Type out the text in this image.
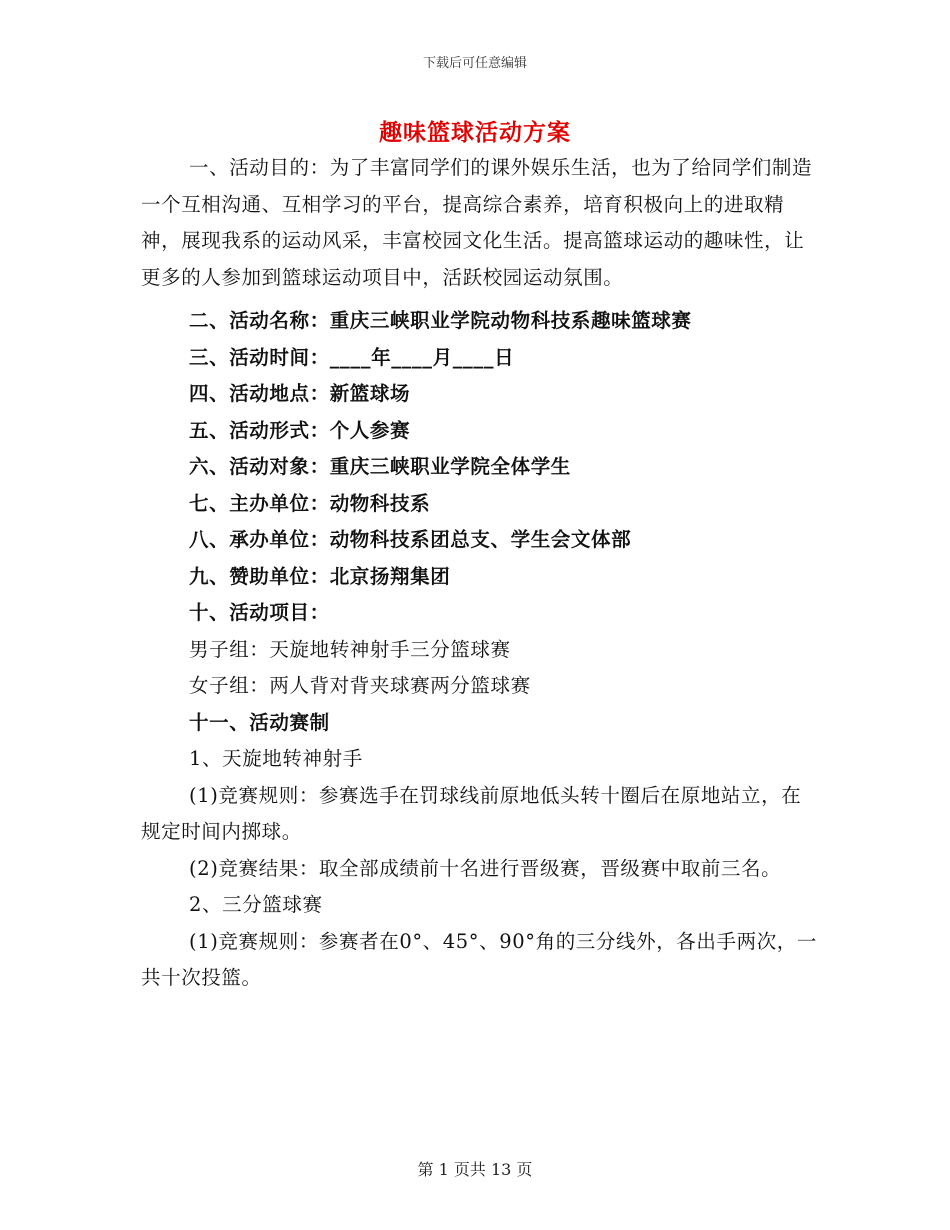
下载后可任意编辑
趣味篮球活动方案

一、活动目的：为了丰富同学们的课外娱乐生活，也为了给同学们制造一个互相沟通、互相学习的平台，提高综合素养，培育积极向上的进取精神，展现我系的运动风采，丰富校园文化生活。提高篮球运动的趣味性，让更多的人参加到篮球运动项目中，活跃校园运动氛围。

二、活动名称：重庆三峡职业学院动物科技系趣味篮球赛

三、活动时间：____年____月____日

四、活动地点：新篮球场

五、活动形式：个人参赛

六、活动对象：重庆三峡职业学院全体学生

七、主办单位：动物科技系

八、承办单位：动物科技系团总支、学生会文体部

九、赞助单位：北京扬翔集团

十、活动项目：

男子组：天旋地转神射手三分篮球赛

女子组：两人背对背夹球赛两分篮球赛

十一、活动赛制

1、天旋地转神射手

(1)竞赛规则：参赛选手在罚球线前原地低头转十圈后在原地站立，在规定时间内掷球。

(2)竞赛结果：取全部成绩前十名进行晋级赛，晋级赛中取前三名。

2、三分篮球赛

(1)竞赛规则：参赛者在0°、45°、90°角的三分线外，各出手两次，一共十次投篮。

第 1 页共 13 页
